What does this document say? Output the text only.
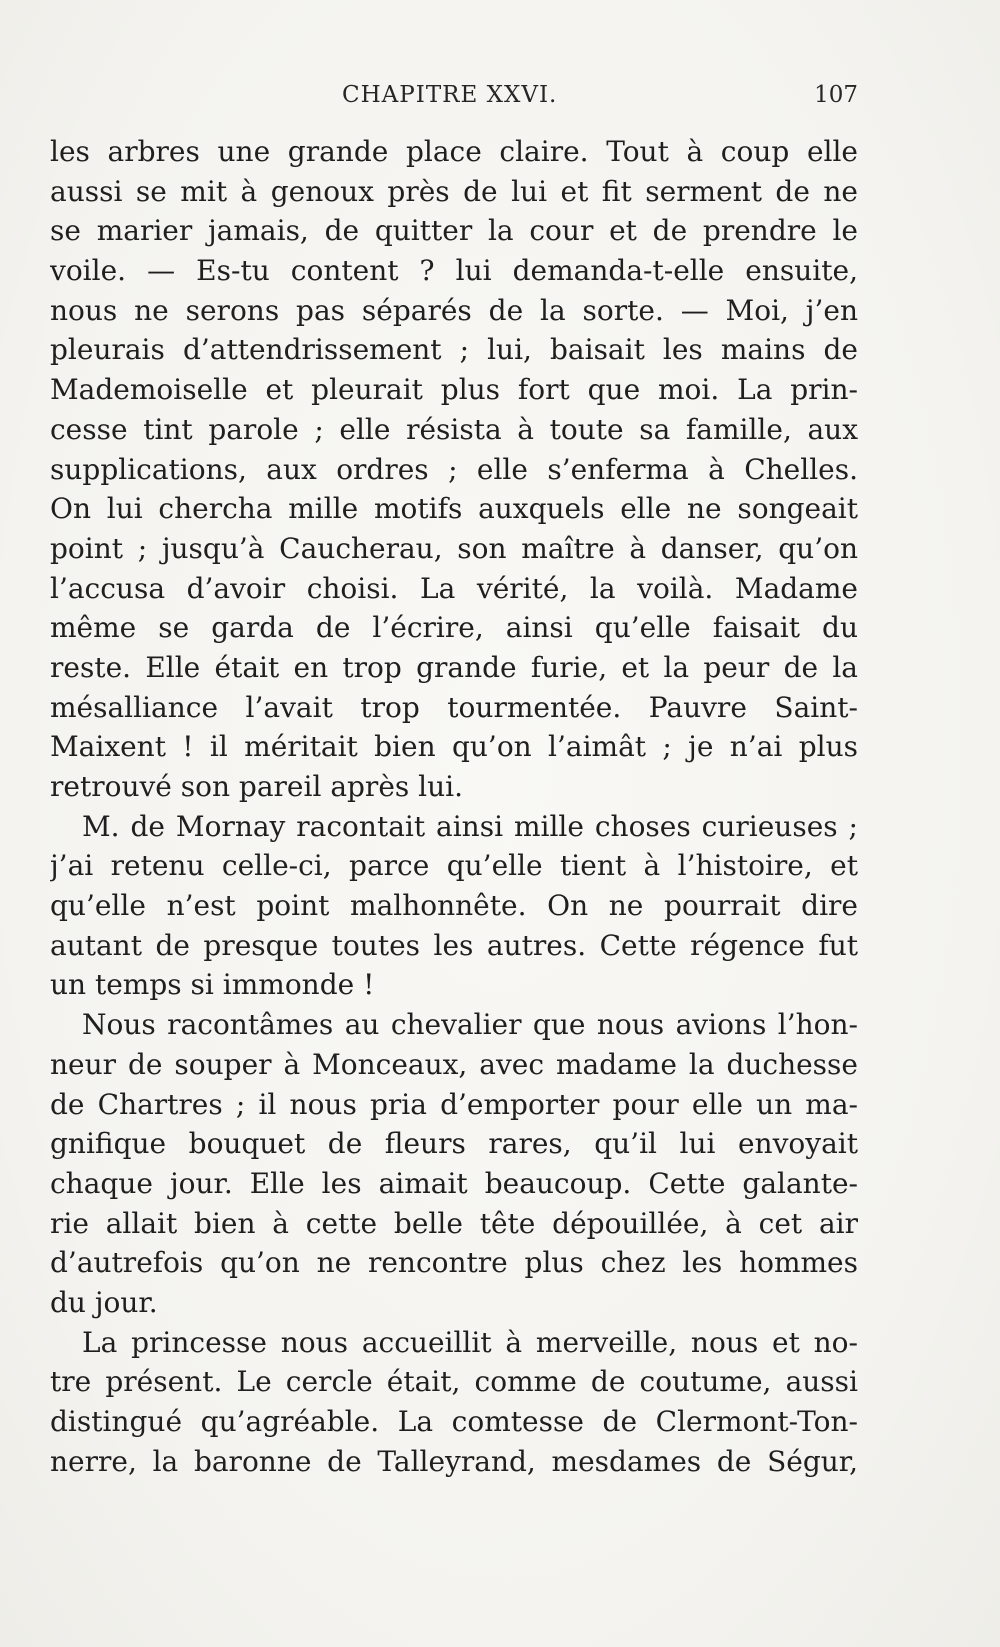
CHAPITRE XXVI.	107
les arbres une grande place claire. Tout à coup elle
aussi se mit à genoux près de lui et fit serment de ne
se marier jamais, de quitter la cour et de prendre le
voile. — Es-tu content ? lui demanda-t-elle ensuite,
nous ne serons pas séparés de la sorte. — Moi, j’en
pleurais d’attendrissement ; lui, baisait les mains de
Mademoiselle et pleurait plus fort que moi. La prin-
cesse tint parole ; elle résista à toute sa famille, aux
supplications, aux ordres ; elle s’enferma à Chelles.
On lui chercha mille motifs auxquels elle ne songeait
point ; jusqu’à Caucherau, son maître à danser, qu’on
l’accusa d’avoir choisi. La vérité, la voilà. Madame
même se garda de l’écrire, ainsi qu’elle faisait du
reste. Elle était en trop grande furie, et la peur de la
mésalliance l’avait trop tourmentée. Pauvre Saint-
Maixent ! il méritait bien qu’on l’aimât ; je n’ai plus
retrouvé son pareil après lui.
M. de Mornay racontait ainsi mille choses curieuses ;
j’ai retenu celle-ci, parce qu’elle tient à l’histoire, et
qu’elle n’est point malhonnête. On ne pourrait dire
autant de presque toutes les autres. Cette régence fut
un temps si immonde !
Nous racontâmes au chevalier que nous avions l’hon-
neur de souper à Monceaux, avec madame la duchesse
de Chartres ; il nous pria d’emporter pour elle un ma-
gnifique bouquet de fleurs rares, qu’il lui envoyait
chaque jour. Elle les aimait beaucoup. Cette galante-
rie allait bien à cette belle tête dépouillée, à cet air
d’autrefois qu’on ne rencontre plus chez les hommes
du jour.
La princesse nous accueillit à merveille, nous et no-
tre présent. Le cercle était, comme de coutume, aussi
distingué qu’agréable. La comtesse de Clermont-Ton-
nerre, la baronne de Talleyrand, mesdames de Ségur,
